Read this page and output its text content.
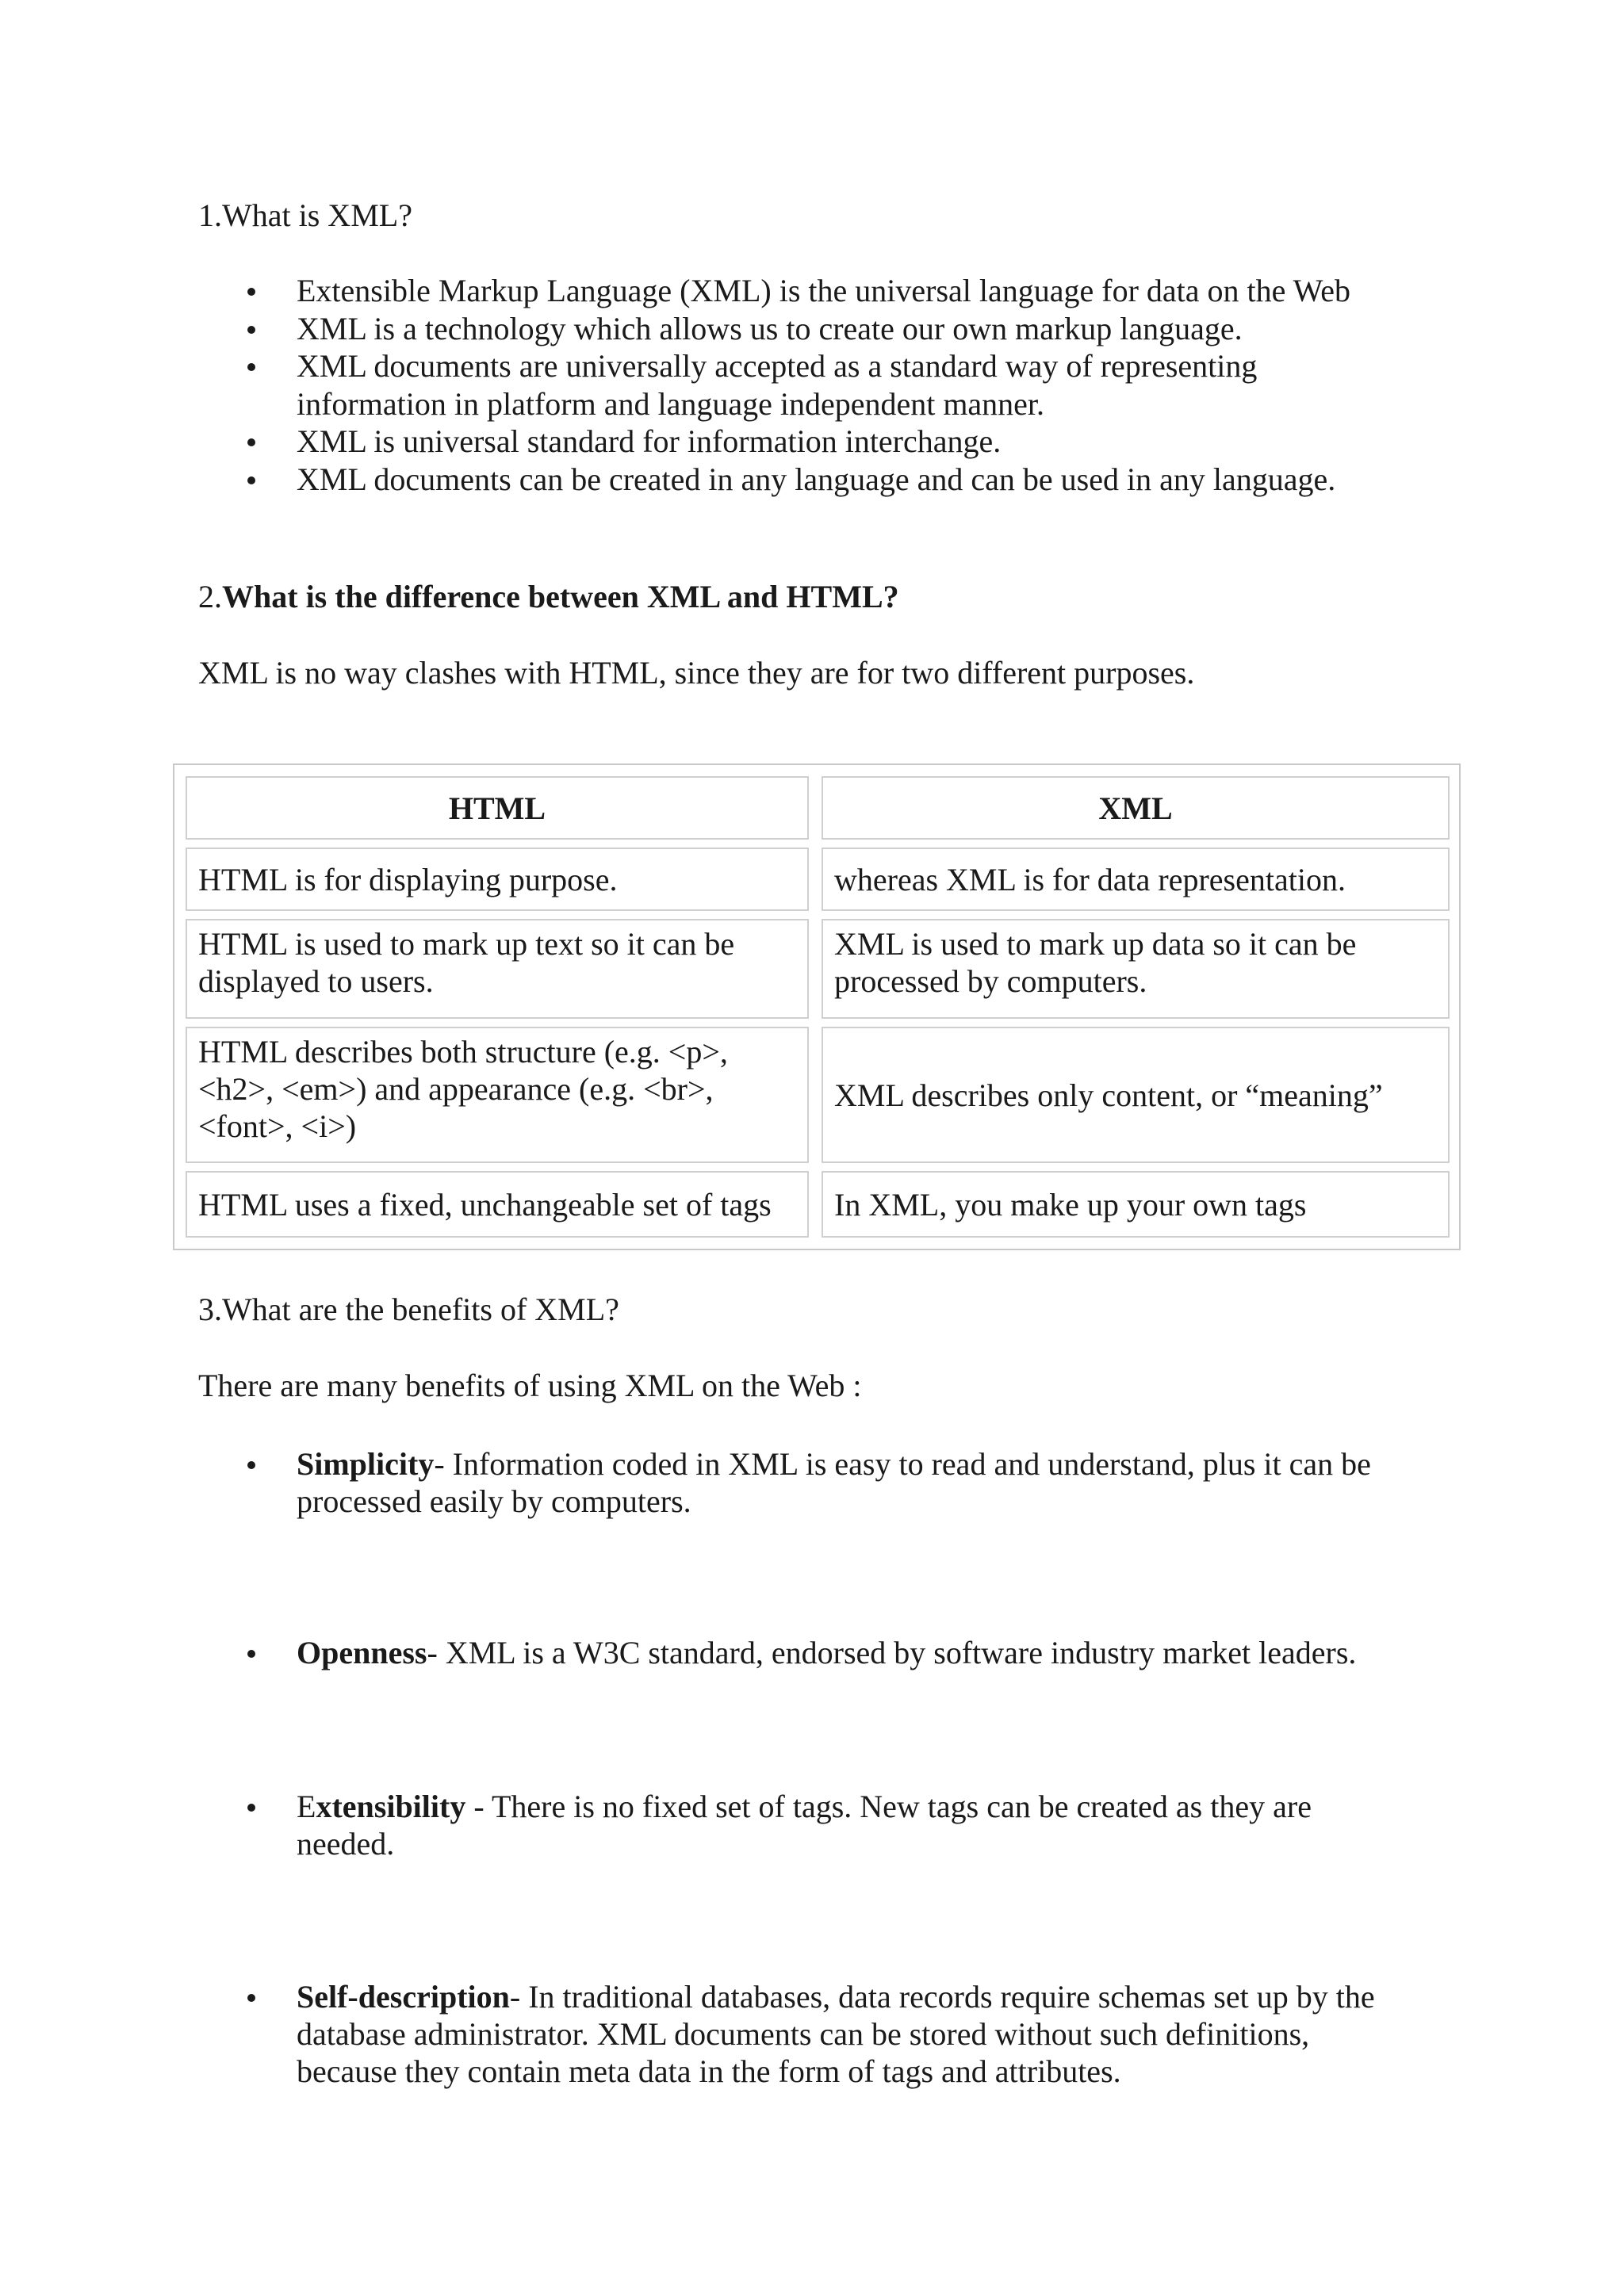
1.What is XML?
Extensible Markup Language (XML) is the universal language for data on the Web
XML is a technology which allows us to create our own markup language.
XML documents are universally accepted as a standard way of representing
information in platform and language independent manner.
XML is universal standard for information interchange.
XML documents can be created in any language and can be used in any language.
2.What is the difference between XML and HTML?
XML is no way clashes with HTML, since they are for two different purposes.
HTML	XML
HTML is for displaying purpose.	whereas XML is for data representation.
HTML is used to mark up text so it can be
displayed to users.
XML is used to mark up data so it can be
processed by computers.
HTML describes both structure (e.g. <p>,
<h2>, <em>) and appearance (e.g. <br>,
<font>, <i>)
XML describes only content, or “meaning”
HTML uses a fixed, unchangeable set of tags In XML, you make up your own tags
3.What are the benefits of XML?
There are many benefits of using XML on the Web :
Simplicity- Information coded in XML is easy to read and understand, plus it can be
processed easily by computers.
Openness- XML is a W3C standard, endorsed by software industry market leaders.
Extensibility - There is no fixed set of tags. New tags can be created as they are
needed.
Self-description- In traditional databases, data records require schemas set up by the
database administrator. XML documents can be stored without such definitions,
because they contain meta data in the form of tags and attributes.
